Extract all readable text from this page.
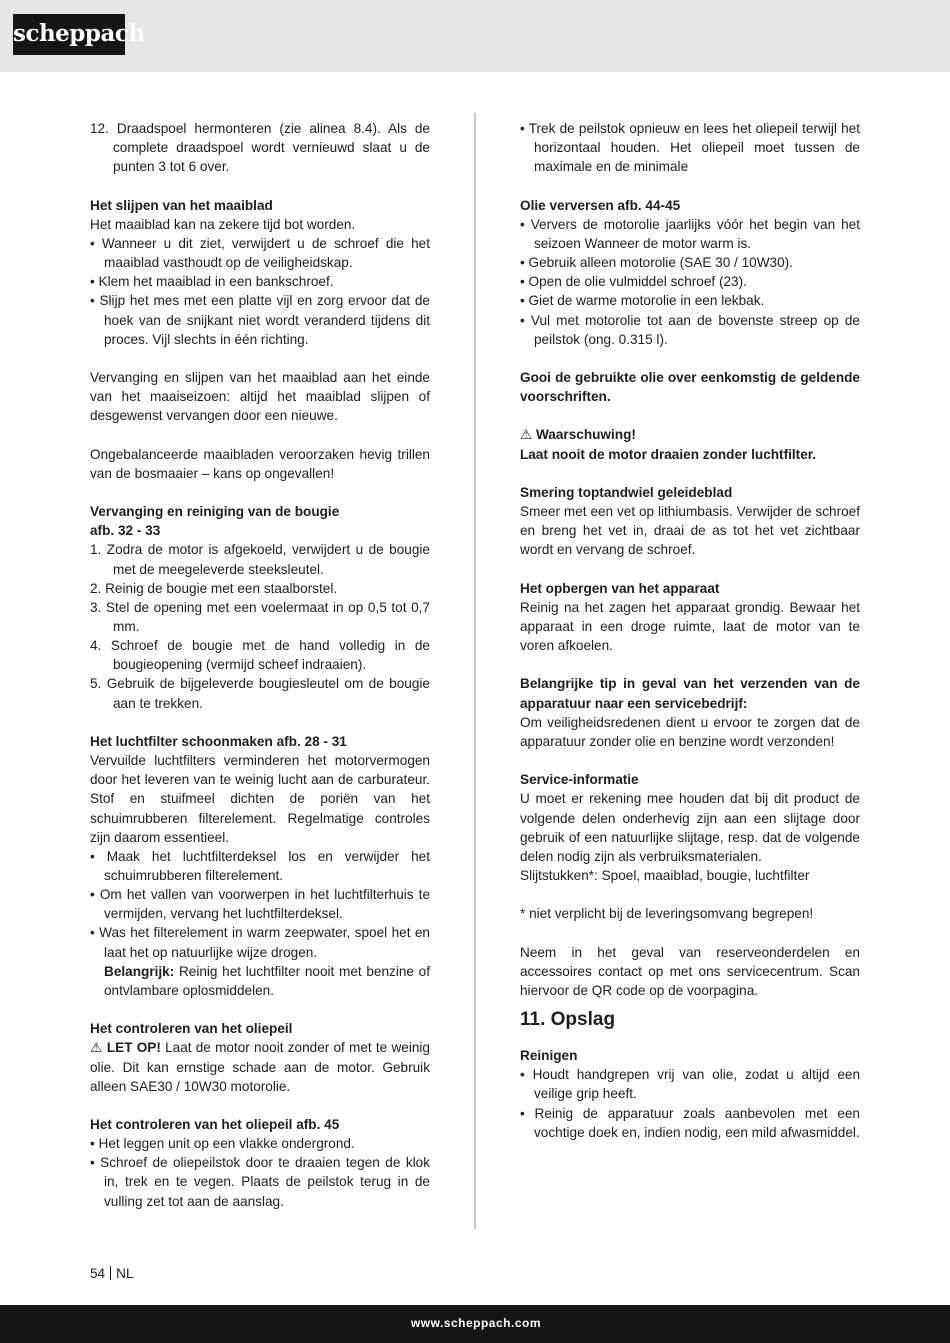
scheppach

12. Draadspoel hermonteren (zie alinea 8.4). Als de complete draadspoel wordt vernieuwd slaat u de punten 3 tot 6 over.

Het slijpen van het maaiblad

Het maaiblad kan na zekere tijd bot worden.

• Wanneer u dit ziet, verwijdert u de schroef die het maaiblad vasthoudt op de veiligheidskap.

• Klem het maaiblad in een bankschroef.

• Slijp het mes met een platte vijl en zorg ervoor dat de hoek van de snijkant niet wordt veranderd tijdens dit proces. Vijl slechts in één richting.

Vervanging en slijpen van het maaiblad aan het einde van het maaiseizoen: altijd het maaiblad slijpen of desgewenst vervangen door een nieuwe.

Ongebalanceerde maaibladen veroorzaken hevig trillen van de bosmaaier – kans op ongevallen!

Vervanging en reiniging van de bougie
afb. 32 - 33

1. Zodra de motor is afgekoeld, verwijdert u de bougie met de meegeleverde steeksleutel.

2. Reinig de bougie met een staalborstel.

3. Stel de opening met een voelermaat in op 0,5 tot 0,7 mm.

4. Schroef de bougie met de hand volledig in de bougieopening (vermijd scheef indraaien).

5. Gebruik de bijgeleverde bougiesleutel om de bougie aan te trekken.

Het luchtfilter schoonmaken afb. 28 - 31

Vervuilde luchtfilters verminderen het motorvermogen door het leveren van te weinig lucht aan de carburateur. Stof en stuifmeel dichten de poriën van het schuimrubberen filterelement. Regelmatige controles zijn daarom essentieel.

• Maak het luchtfilterdeksel los en verwijder het schuimrubberen filterelement.

• Om het vallen van voorwerpen in het luchtfilterhuis te vermijden, vervang het luchtfilterdeksel.

• Was het filterelement in warm zeepwater, spoel het en laat het op natuurlijke wijze drogen.

Belangrijk: Reinig het luchtfilter nooit met benzine of ontvlambare oplosmiddelen.

Het controleren van het oliepeil

⚠ LET OP! Laat de motor nooit zonder of met te weinig olie. Dit kan ernstige schade aan de motor. Gebruik alleen SAE30 / 10W30 motorolie.

Het controleren van het oliepeil afb. 45

• Het leggen unit op een vlakke ondergrond.

• Schroef de oliepeilstok door te draaien tegen de klok in, trek en te vegen. Plaats de peilstok terug in de vulling zet tot aan de aanslag.

• Trek de peilstok opnieuw en lees het oliepeil terwijl het horizontaal houden. Het oliepeil moet tussen de maximale en de minimale

Olie verversen afb. 44-45

• Ververs de motorolie jaarlijks vóór het begin van het seizoen Wanneer de motor warm is.

• Gebruik alleen motorolie (SAE 30 / 10W30).

• Open de olie vulmiddel schroef (23).

• Giet de warme motorolie in een lekbak.

• Vul met motorolie tot aan de bovenste streep op de peilstok (ong. 0.315 l).

Gooi de gebruikte olie over eenkomstig de geldende voorschriften.

⚠ Waarschuwing!
Laat nooit de motor draaien zonder luchtfilter.
Smering toptandwiel geleideblad

Smeer met een vet op lithiumbasis. Verwijder de schroef en breng het vet in, draai de as tot het vet zichtbaar wordt en vervang de schroef.

Het opbergen van het apparaat

Reinig na het zagen het apparaat grondig. Bewaar het apparaat in een droge ruimte, laat de motor van te voren afkoelen.

Belangrijke tip in geval van het verzenden van de apparatuur naar een servicebedrijf:

Om veiligheidsredenen dient u ervoor te zorgen dat de apparatuur zonder olie en benzine wordt verzonden!

Service-informatie

U moet er rekening mee houden dat bij dit product de volgende delen onderhevig zijn aan een slijtage door gebruik of een natuurlijke slijtage, resp. dat de volgende delen nodig zijn als verbruiksmaterialen.

Slijtstukken*: Spoel, maaiblad, bougie, luchtfilter

* niet verplicht bij de leveringsomvang begrepen!

Neem in het geval van reserveonderdelen en accessoires contact op met ons servicecentrum. Scan hiervoor de QR code op de voorpagina.

11. Opslag
Reinigen

• Houdt handgrepen vrij van olie, zodat u altijd een veilige grip heeft.

• Reinig de apparatuur zoals aanbevolen met een vochtige doek en, indien nodig, een mild afwasmiddel.

54 NL
www.scheppach.com
